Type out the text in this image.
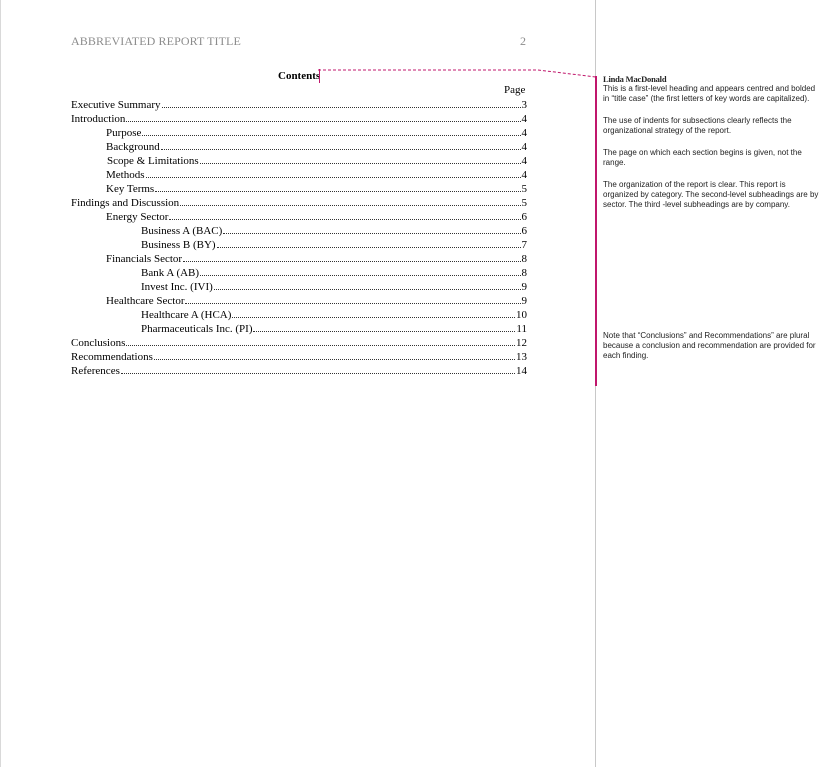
ABBREVIATED REPORT TITLE	2
Contents
Page
Executive Summary	3
Introduction	4
Purpose	4
Background	4
Scope & Limitations	4
Methods	4
Key Terms	5
Findings and Discussion	5
Energy Sector	6
Business A (BAC)	6
Business B (BY)	7
Financials Sector	8
Bank A (AB)	8
Invest Inc. (IVI)	9
Healthcare Sector	9
Healthcare A (HCA)	10
Pharmaceuticals Inc. (PI)	11
Conclusions	12
Recommendations	13
References	14
Linda MacDonald

This is a first-level heading and appears centred and bolded in “title case” (the first letters of key words are capitalized).

The use of indents for subsections clearly reflects the organizational strategy of the report.

The page on which each section begins is given, not the range.

The organization of the report is clear. This report is organized by category. The second-level subheadings are by sector. The third -level subheadings are by company.

Note that “Conclusions” and Recommendations” are plural because a conclusion and recommendation are provided for each finding.
